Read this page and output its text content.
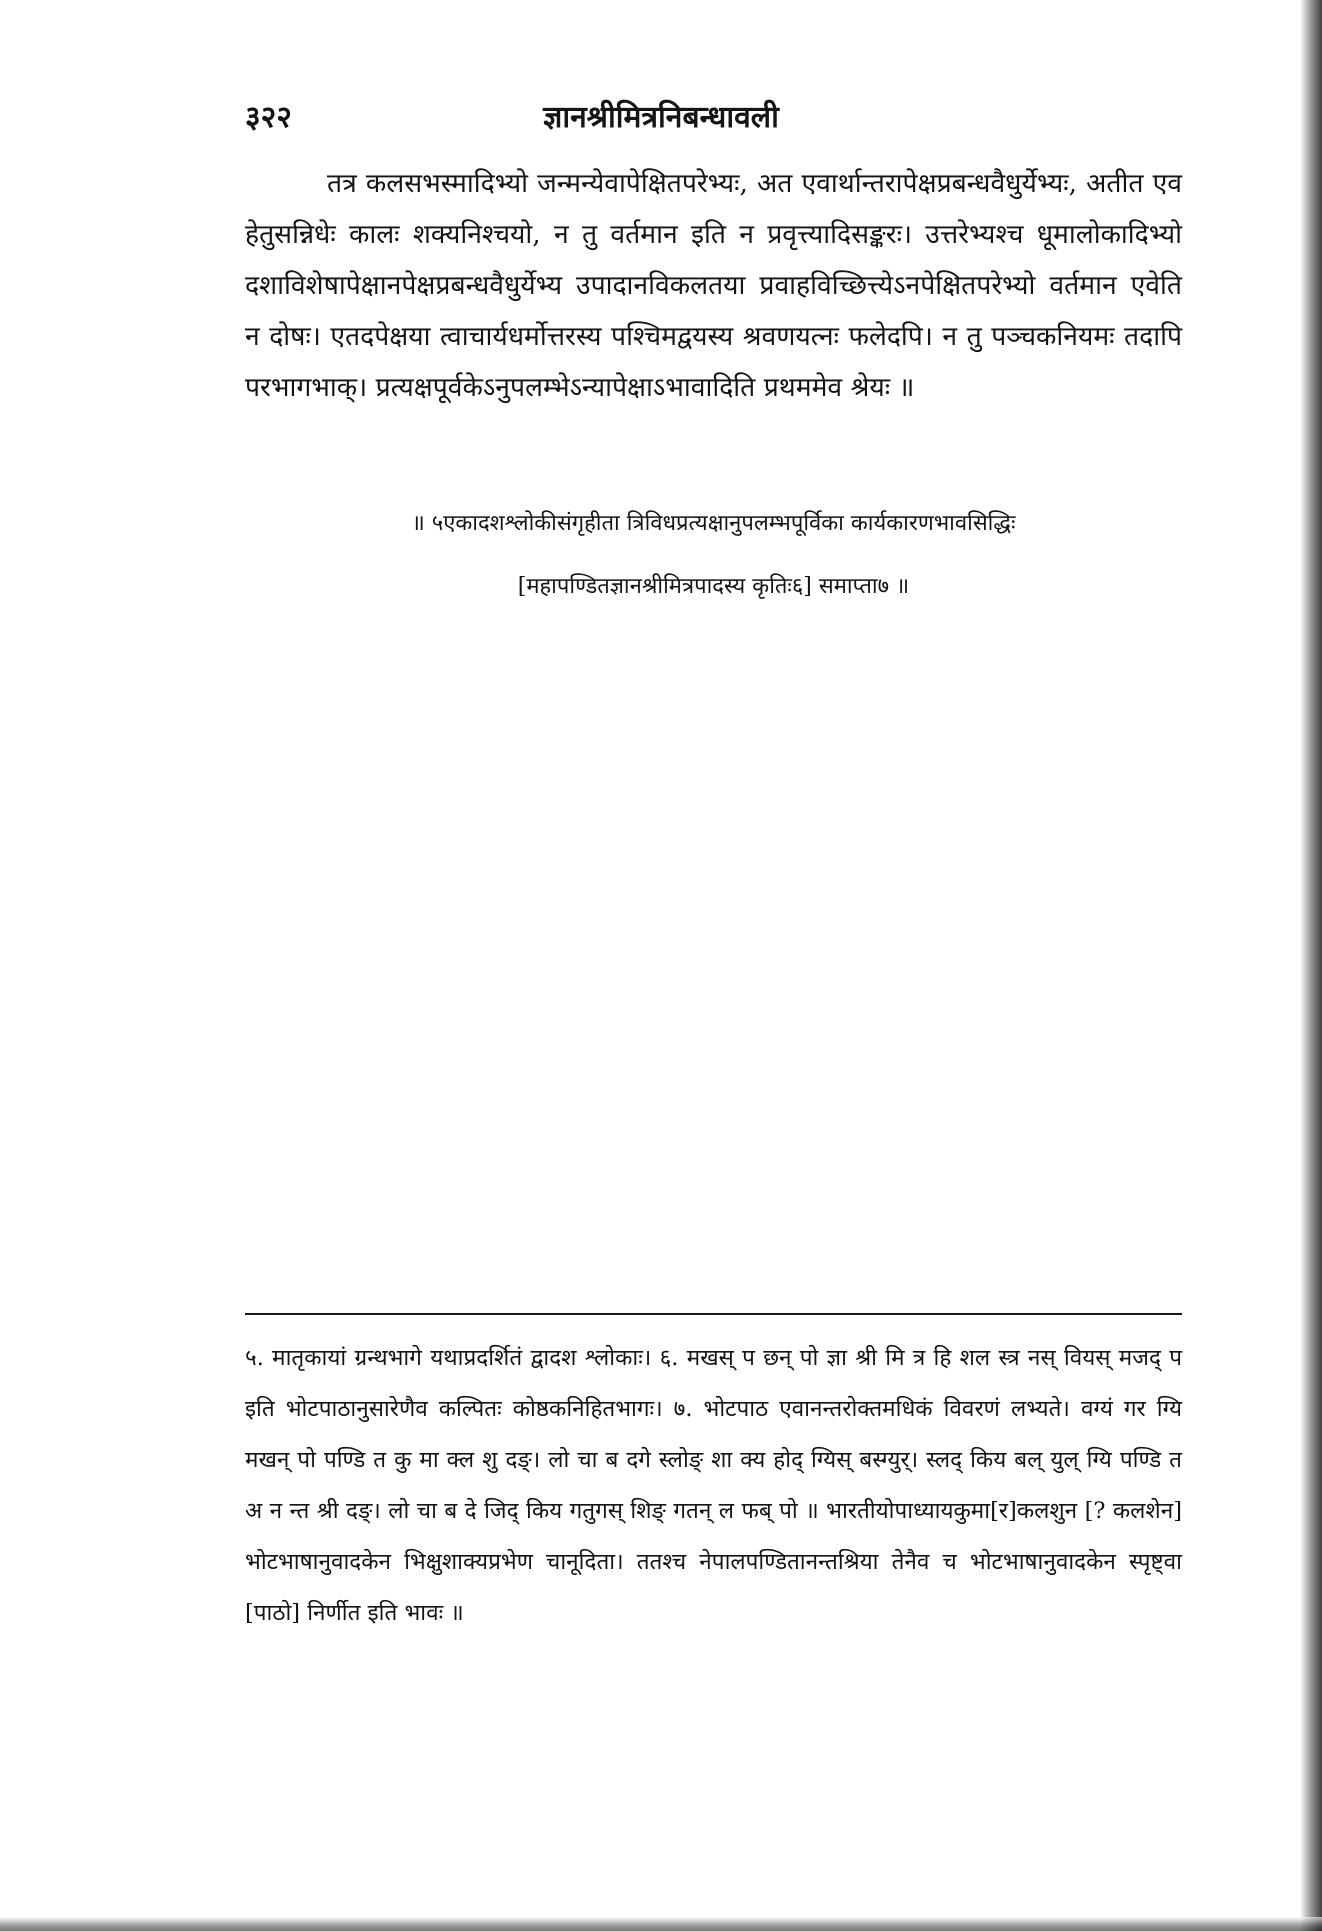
३२२	ज्ञानश्रीमित्रनिबन्धावली
तत्र कलसभस्मादिभ्यो जन्मन्येवापेक्षितपरेभ्यः, अत एवार्थान्तरापेक्षप्रबन्धवैधुर्येभ्यः, अतीत एव हेतुसन्निधेः कालः शक्यनिश्चयो, न तु वर्तमान इति न प्रवृत्त्यादिसङ्करः। उत्तरेभ्यश्च धूमालोकादिभ्यो दशाविशेषापेक्षानपेक्षप्रबन्धवैधुर्येभ्य उपादानविकलतया प्रवाहविच्छित्त्येऽनपेक्षितपरेभ्यो वर्तमान एवेति न दोषः। एतदपेक्षया त्वाचार्यधर्मोत्तरस्य पश्चिमद्वयस्य श्रवणयत्नः फलेदपि। न तु पञ्चकनियमः तदापि परभागभाक्। प्रत्यक्षपूर्वकेऽनुपलम्भेऽन्यापेक्षाऽभावादिति प्रथममेव श्रेयः ॥
॥ ५एकादशश्लोकीसंगृहीता त्रिविधप्रत्यक्षानुपलम्भपूर्विका कार्यकारणभावसिद्धिः
[महापण्डितज्ञानश्रीमित्रपादस्य कृतिः६] समाप्ता७ ॥
५. मातृकायां ग्रन्थभागे यथाप्रदर्शितं द्वादश श्लोकाः। ६. मखस् प छन् पो ज्ञा श्री मि त्र हि शल स्त्र नस् वियस् मजद् प इति भोटपाठानुसारेणैव कल्पितः कोष्ठकनिहितभागः। ७. भोटपाठ एवानन्तरोक्तमधिकं विवरणं लभ्यते। वग्यं गर ग्यि मखन् पो पण्डि त कु मा क्ल शु दङ्। लो चा ब दगे स्लोङ् शा क्य होद् ग्यिस् बस्ग्युर्। स्लद् किय बल् युल् ग्यि पण्डि त अ न न्त श्री दङ्। लो चा ब दे जिद् किय गतुगस् शिङ् गतन् ल फब् पो ॥ भारतीयोपाध्यायकुमा[र]कलशुन [? कलशेन] भोटभाषानुवादकेन भिक्षुशाक्यप्रभेण चानूदिता। ततश्च नेपालपण्डितानन्तश्रिया तेनैव च भोटभाषानुवादकेन स्पृष्ट्वा [पाठो] निर्णीत इति भावः ॥
